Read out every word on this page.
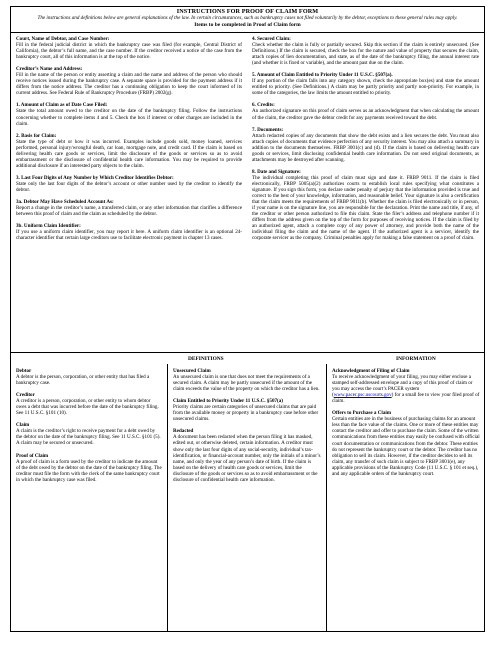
INSTRUCTIONS FOR PROOF OF CLAIM FORM
The instructions and definitions below are general explanations of the law. In certain circumstances, such as bankruptcy cases not filed voluntarily by the debtor, exceptions to these general rules may apply.
Items to be completed in Proof of Claim form

Court, Name of Debtor, and Case Number:
Fill in the federal judicial district in which the bankruptcy case was filed (for example, Central District of California), the debtor’s full name, and the case number. If the creditor received a notice of the case from the bankruptcy court, all of this information is at the top of the notice.

Creditor’s Name and Address:
Fill in the name of the person or entity asserting a claim and the name and address of the person who should receive notices issued during the bankruptcy case. A separate space is provided for the payment address if it differs from the notice address. The creditor has a continuing obligation to keep the court informed of its current address. See Federal Rule of Bankruptcy Procedure (FRBP) 2002(g).

1. Amount of Claim as of Date Case Filed:
State the total amount owed to the creditor on the date of the bankruptcy filing. Follow the instructions concerning whether to complete items 4 and 5. Check the box if interest or other charges are included in the claim.

2. Basis for Claim:
State the type of debt or how it was incurred. Examples include goods sold, money loaned, services performed, personal injury/wrongful death, car loan, mortgage note, and credit card. If the claim is based on delivering health care goods or services, limit the disclosure of the goods or services so as to avoid embarrassment or the disclosure of confidential health care information. You may be required to provide additional disclosure if an interested party objects to the claim.

3. Last Four Digits of Any Number by Which Creditor Identifies Debtor:
State only the last four digits of the debtor’s account or other number used by the creditor to identify the debtor.

3a. Debtor May Have Scheduled Account As:
Report a change in the creditor’s name, a transferred claim, or any other information that clarifies a difference between this proof of claim and the claim as scheduled by the debtor.

3b. Uniform Claim Identifier:
If you use a uniform claim identifier, you may report it here. A uniform claim identifier is an optional 24-character identifier that certain large creditors use to facilitate electronic payment in chapter 13 cases.

4. Secured Claim:
Check whether the claim is fully or partially secured. Skip this section if the claim is entirely unsecured. (See Definitions.) If the claim is secured, check the box for the nature and value of property that secures the claim, attach copies of lien documentation, and state, as of the date of the bankruptcy filing, the annual interest rate (and whether it is fixed or variable), and the amount past due on the claim.

5. Amount of Claim Entitled to Priority Under 11 U.S.C. §507(a).
If any portion of the claim falls into any category shown, check the appropriate box(es) and state the amount entitled to priority. (See Definitions.) A claim may be partly priority and partly non-priority. For example, in some of the categories, the law limits the amount entitled to priority.

6. Credits:
An authorized signature on this proof of claim serves as an acknowledgment that when calculating the amount of the claim, the creditor gave the debtor credit for any payments received toward the debt.

7. Documents:
Attach redacted copies of any documents that show the debt exists and a lien secures the debt. You must also attach copies of documents that evidence perfection of any security interest. You may also attach a summary in addition to the documents themselves. FRBP 3001(c) and (d). If the claim is based on delivering health care goods or services, limit disclosing confidential health care information. Do not send original documents, as attachments may be destroyed after scanning.

8. Date and Signature:
The individual completing this proof of claim must sign and date it. FRBP 9011. If the claim is filed electronically, FRBP 5005(a)(2) authorizes courts to establish local rules specifying what constitutes a signature. If you sign this form, you declare under penalty of perjury that the information provided is true and correct to the best of your knowledge, information, and reasonable belief. Your signature is also a certification that the claim meets the requirements of FRBP 9011(b). Whether the claim is filed electronically or in person, if your name is on the signature line, you are responsible for the declaration. Print the name and title, if any, of the creditor or other person authorized to file this claim. State the filer’s address and telephone number if it differs from the address given on the top of the form for purposes of receiving notices. If the claim is filed by an authorized agent, attach a complete copy of any power of attorney, and provide both the name of the individual filing the claim and the name of the agent. If the authorized agent is a servicer, identify the corporate servicer as the company. Criminal penalties apply for making a false statement on a proof of claim.

DEFINITIONS	INFORMATION

Debtor
A debtor is the person, corporation, or other entity that has filed a bankruptcy case.

Creditor
A creditor is a person, corporation, or other entity to whom debtor owes a debt that was incurred before the date of the bankruptcy filing. See 11 U.S.C. §101 (10).

Claim
A claim is the creditor’s right to receive payment for a debt owed by the debtor on the date of the bankruptcy filing. See 11 U.S.C. §101 (5). A claim may be secured or unsecured.

Proof of Claim
A proof of claim is a form used by the creditor to indicate the amount of the debt owed by the debtor on the date of the bankruptcy filing. The creditor must file the form with the clerk of the same bankruptcy court in which the bankruptcy case was filed.

Unsecured Claim
An unsecured claim is one that does not meet the requirements of a secured claim. A claim may be partly unsecured if the amount of the claim exceeds the value of the property on which the creditor has a lien.

Claim Entitled to Priority Under 11 U.S.C. §507(a)
Priority claims are certain categories of unsecured claims that are paid from the available money or property in a bankruptcy case before other unsecured claims.

Redacted
A document has been redacted when the person filing it has masked, edited out, or otherwise deleted, certain information. A creditor must show only the last four digits of any social-security, individual’s tax-identification, or financial-account number, only the initials of a minor’s name, and only the year of any person’s date of birth. If the claim is based on the delivery of health care goods or services, limit the disclosure of the goods or services so as to avoid embarrassment or the disclosure of confidential health care information.

Acknowledgment of Filing of Claim
To receive acknowledgment of your filing, you may either enclose a stamped self-addressed envelope and a copy of this proof of claim or you may access the court’s PACER system (www.pacer.psc.uscourts.gov) for a small fee to view your filed proof of claim.

Offers to Purchase a Claim
Certain entities are in the business of purchasing claims for an amount less than the face value of the claims. One or more of these entities may contact the creditor and offer to purchase the claim. Some of the written communications from these entities may easily be confused with official court documentation or communications from the debtor. These entities do not represent the bankruptcy court or the debtor. The creditor has no obligation to sell its claim. However, if the creditor decides to sell its claim, any transfer of such claim is subject to FRBP 3001(e), any applicable provisions of the Bankruptcy Code (11 U.S.C. § 101 et seq.), and any applicable orders of the bankruptcy court.
